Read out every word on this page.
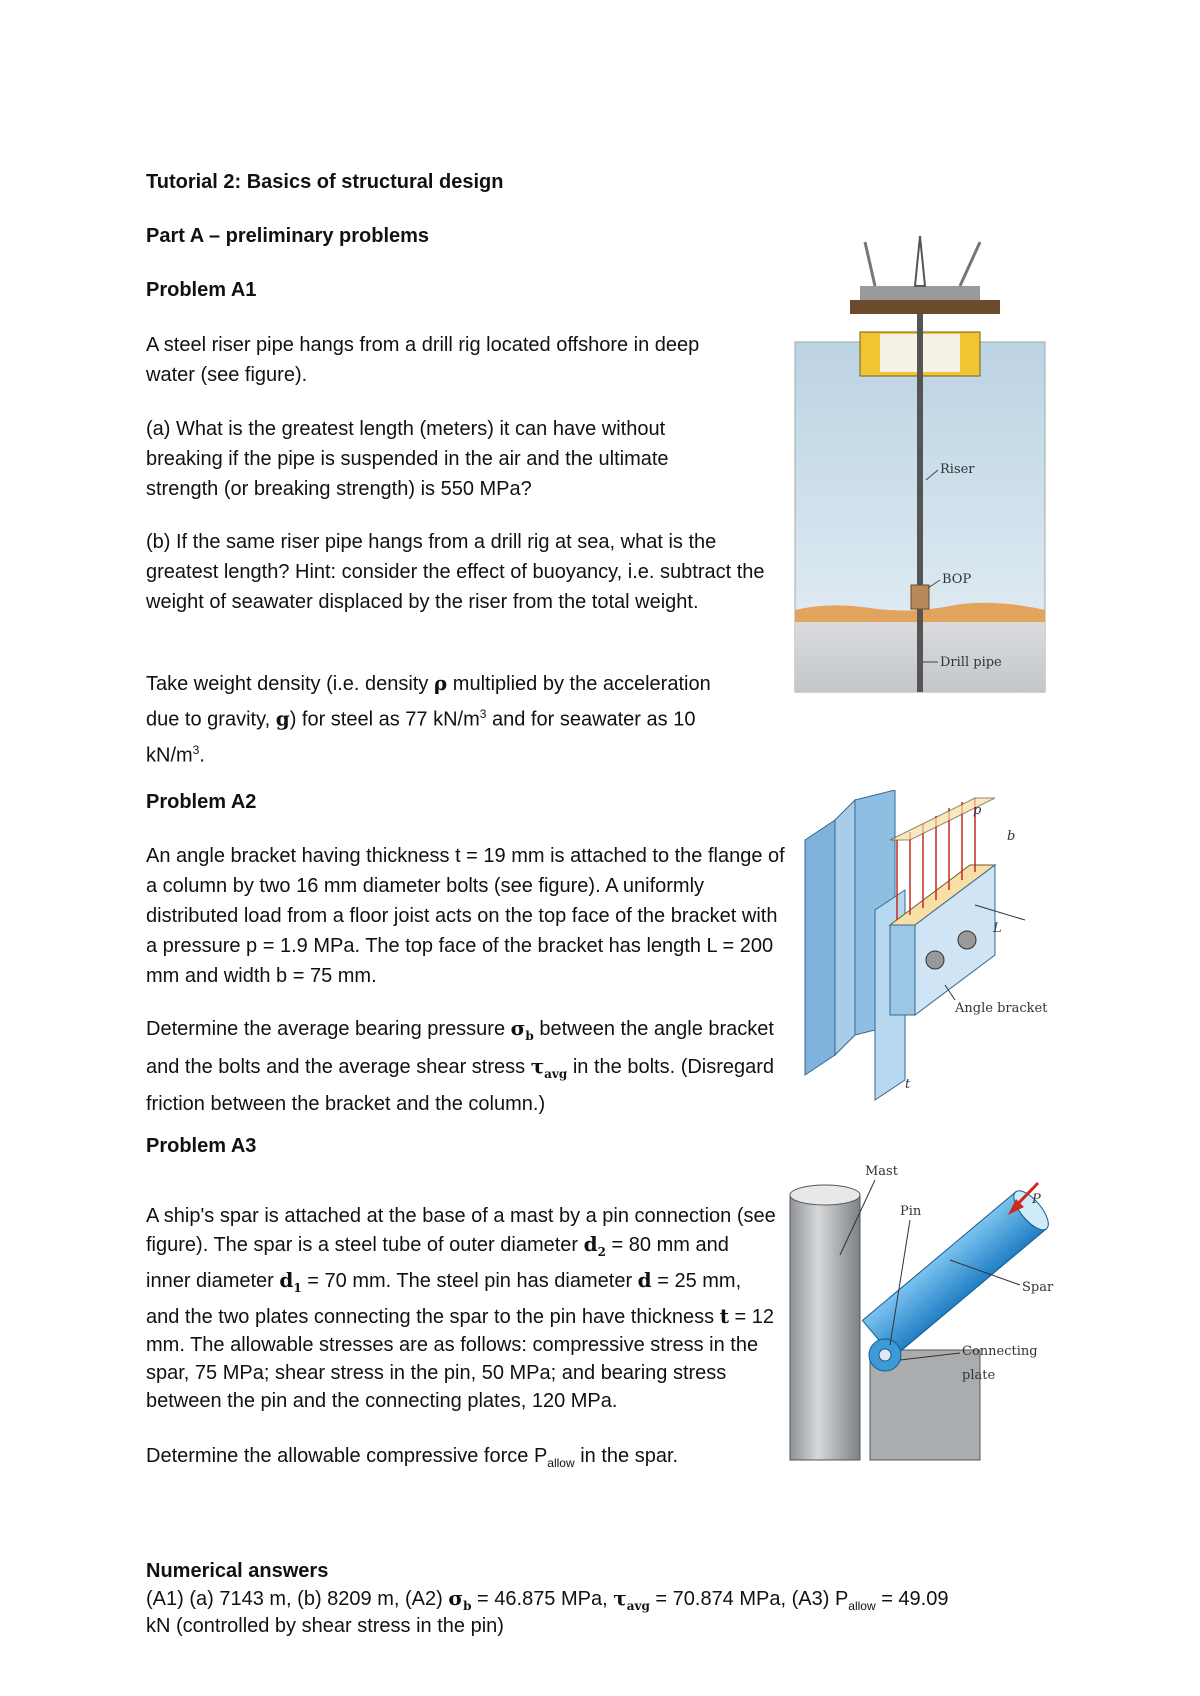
Tutorial 2: Basics of structural design
Part A – preliminary problems
Problem A1
A steel riser pipe hangs from a drill rig located offshore in deep water (see figure).
(a) What is the greatest length (meters) it can have without breaking if the pipe is suspended in the air and the ultimate strength (or breaking strength) is 550 MPa?
(b) If the same riser pipe hangs from a drill rig at sea, what is the greatest length? Hint: consider the effect of buoyancy, i.e. subtract the weight of seawater displaced by the riser from the total weight.
Take weight density (i.e. density ρ multiplied by the acceleration due to gravity, g) for steel as 77 $kN/m^3$ and for seawater as 10 $kN/m^3$.
Riser
BOP
Drill pipe
Problem A2
An angle bracket having thickness t = 19 mm is attached to the flange of a column by two 16 mm diameter bolts (see figure). A uniformly distributed load from a floor joist acts on the top face of the bracket with a pressure p = 1.9 MPa. The top face of the bracket has length L = 200 mm and width b = 75 mm.
Determine the average bearing pressure $\sigma_b$ between the angle bracket and the bolts and the average shear stress $\tau_{avg}$ in the bolts. (Disregard friction between the bracket and the column.)
p
b
L
Angle bracket
t
Problem A3
A ship's spar is attached at the base of a mast by a pin connection (see figure). The spar is a steel tube of outer diameter $d_2 = 80$ mm and inner diameter $d_1 = 70$ mm. The steel pin has diameter d = 25 mm, and the two plates connecting the spar to the pin have thickness t = 12 mm. The allowable stresses are as follows: compressive stress in the spar, 75 MPa; shear stress in the pin, 50 MPa; and bearing stress between the pin and the connecting plates, 120 MPa.
Determine the allowable compressive force $P_{allow}$ in the spar.
Mast
Pin
P
Spar
Connecting
plate
Numerical answers
(A1) (a) 7143 m, (b) 8209 m, (A2) $\sigma_b = 46.875$ MPa, $\tau_{avg} = 70.874$ MPa, (A3) $P_{allow} = 49.09$
kN (controlled by shear stress in the pin)
